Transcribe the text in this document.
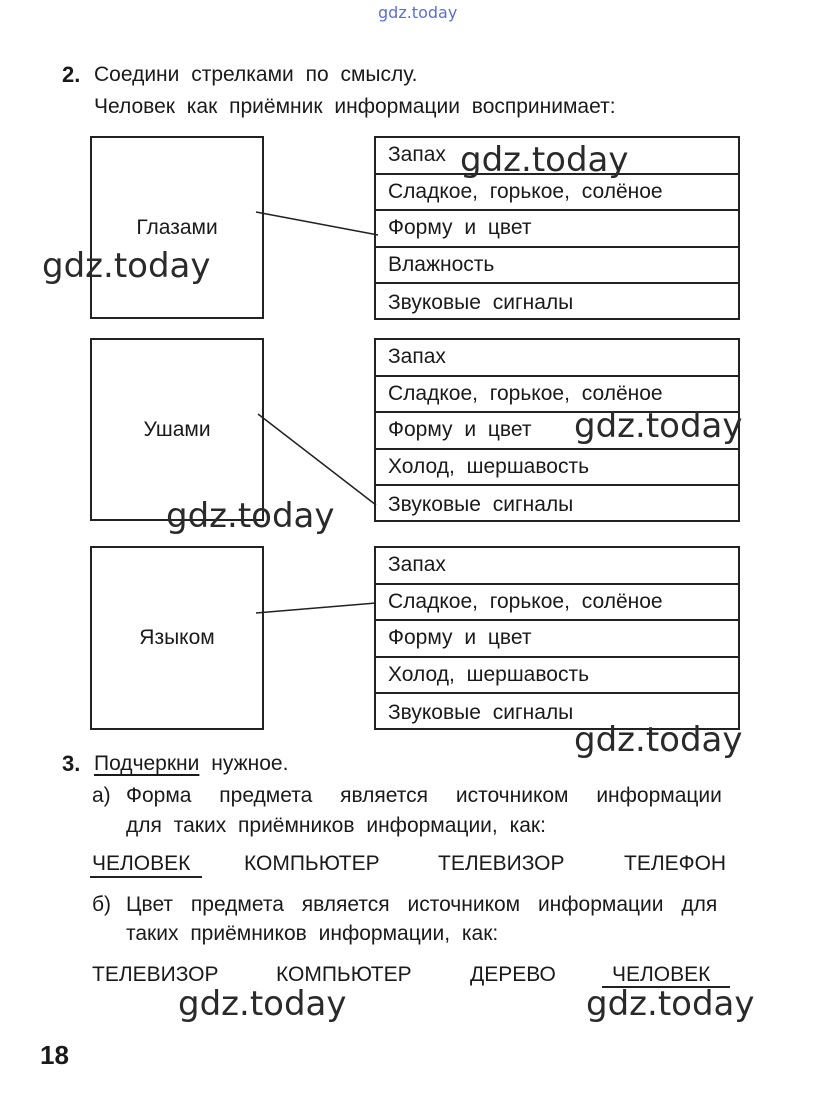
gdz.today
2. Соедини стрелками по смыслу.
Человек как приёмник информации воспринимает:
Глазами
Запах
Сладкое, горькое, солёное
Форму и цвет
Влажность
Звуковые сигналы
Ушами
Запах
Сладкое, горькое, солёное
Форму и цвет
Холод, шершавость
Звуковые сигналы
Языком
Запах
Сладкое, горькое, солёное
Форму и цвет
Холод, шершавость
Звуковые сигналы
3. Подчеркни нужное.
а) Форма предмета является источником информации
для таких приёмников информации, как:
ЧЕЛОВЕК	КОМПЬЮТЕР	ТЕЛЕВИЗОР	ТЕЛЕФОН
б) Цвет предмета является источником информации для
таких приёмников информации, как:
ТЕЛЕВИЗОР	КОМПЬЮТЕР	ДЕРЕВО	ЧЕЛОВЕК
18
gdz.today
gdz.today
gdz.today
gdz.today
gdz.today
gdz.today	gdz.today
